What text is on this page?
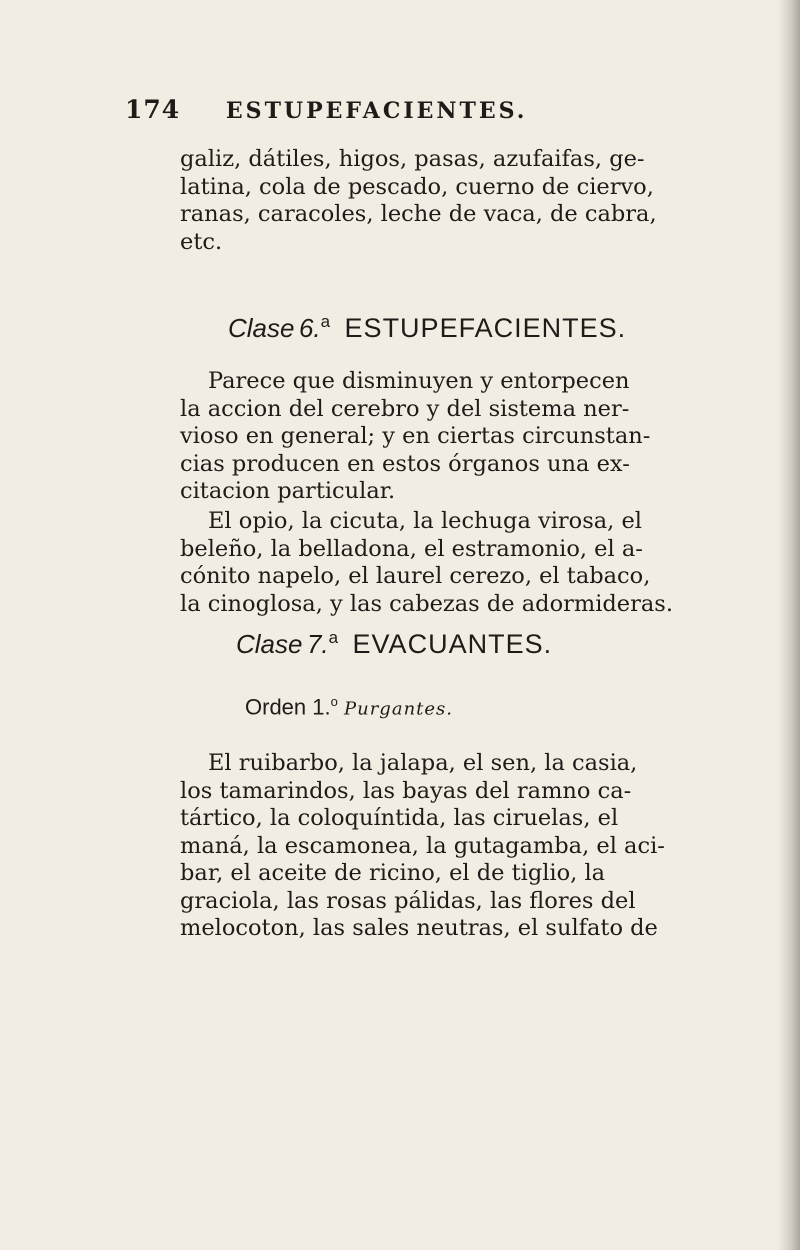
174 ESTUPEFACIENTES.
galiz, dátiles, higos, pasas, azufaifas, ge-
latina, cola de pescado, cuerno de ciervo,
ranas, caracoles, leche de vaca, de cabra,
etc.
Clase 6.a ESTUPEFACIENTES.
Parece que disminuyen y entorpecen
la accion del cerebro y del sistema ner-
vioso en general; y en ciertas circunstan-
cias producen en estos órganos una ex-
citacion particular.
El opio, la cicuta, la lechuga virosa, el
beleño, la belladona, el estramonio, el a-
cónito napelo, el laurel cerezo, el tabaco,
la cinoglosa, y las cabezas de adormideras.
Clase 7.a EVACUANTES.
Orden 1.$^o$ Purgantes.
El ruibarbo, la jalapa, el sen, la casia,
los tamarindos, las bayas del ramno ca-
tártico, la coloquíntida, las ciruelas, el
maná, la escamonea, la gutagamba, el aci-
bar, el aceite de ricino, el de tiglio, la
graciola, las rosas pálidas, las flores del
melocoton, las sales neutras, el sulfato de
